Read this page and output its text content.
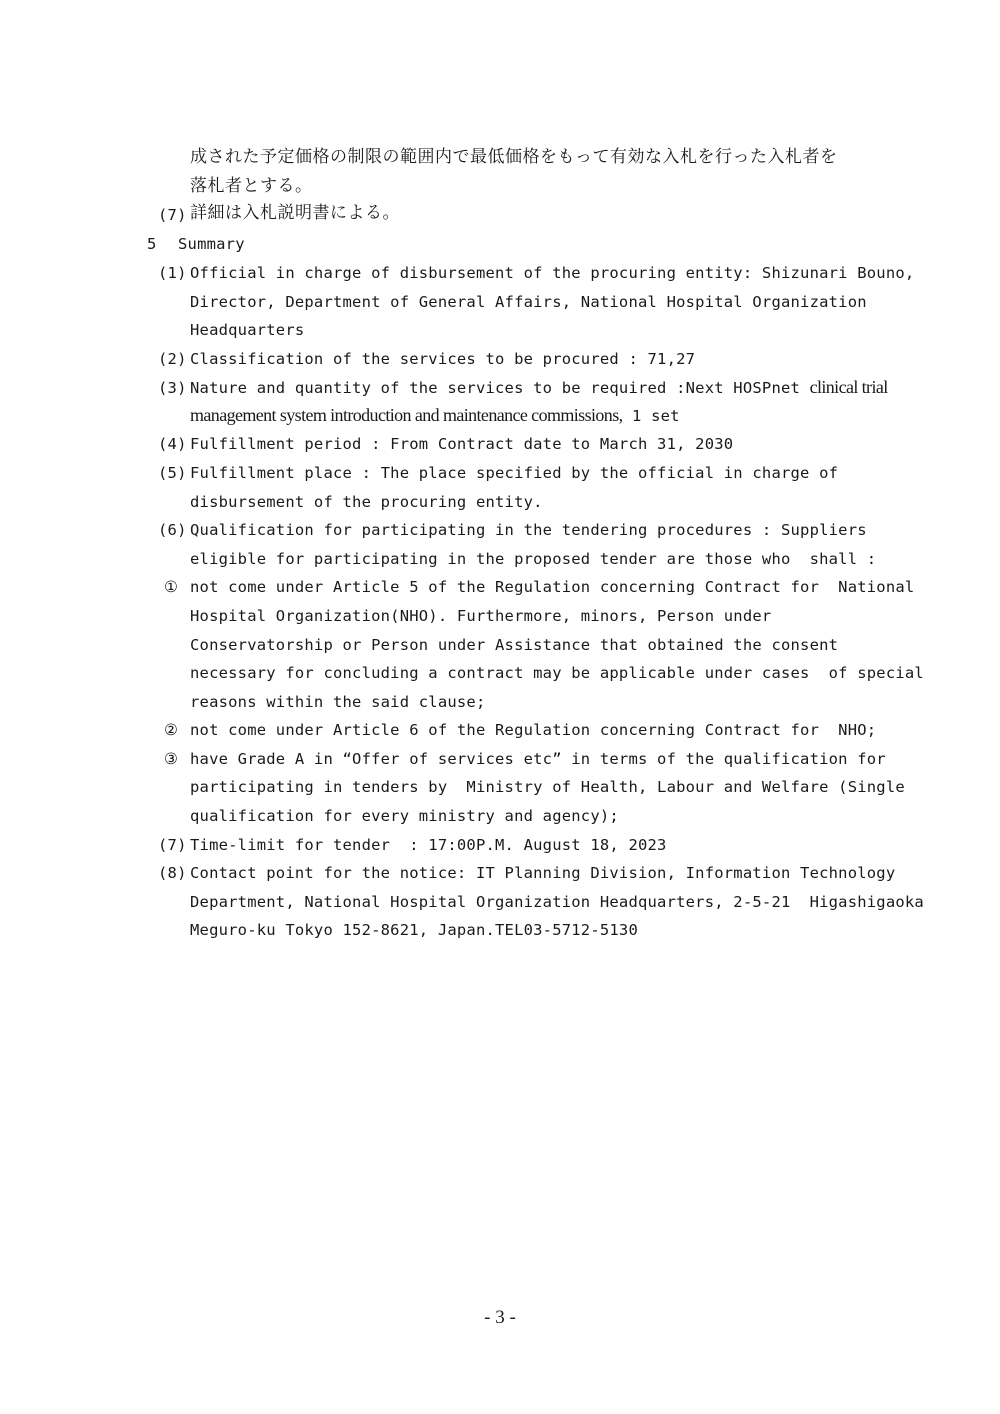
成された予定価格の制限の範囲内で最低価格をもって有効な入札を行った入札者を
落札者とする。
(7) 詳細は入札説明書による。
5 Summary
(1) Official in charge of disbursement of the procuring entity: Shizunari Bouno,
Director, Department of General Affairs, National Hospital Organization
Headquarters
(2) Classification of the services to be procured : 71,27
(3) Nature and quantity of the services to be required :Next HOSPnet clinical trial
management system introduction and maintenance commissions, 1 set
(4) Fulfillment period : From Contract date to March 31, 2030
(5) Fulfillment place : The place specified by the official in charge of
disbursement of the procuring entity.
(6) Qualification for participating in the tendering procedures : Suppliers
eligible for participating in the proposed tender are those who  shall :
① not come under Article 5 of the Regulation concerning Contract for  National
Hospital Organization(NHO). Furthermore, minors, Person under
Conservatorship or Person under Assistance that obtained the consent
necessary for concluding a contract may be applicable under cases  of special
reasons within the said clause;
② not come under Article 6 of the Regulation concerning Contract for  NHO;
③ have Grade A in “Offer of services etc” in terms of the qualification for
participating in tenders by  Ministry of Health, Labour and Welfare (Single
qualification for every ministry and agency);
(7) Time-limit for tender  : 17:00P.M. August 18, 2023
(8) Contact point for the notice: IT Planning Division, Information Technology
Department, National Hospital Organization Headquarters, 2-5-21  Higashigaoka
Meguro-ku Tokyo 152-8621, Japan.TEL03-5712-5130
- 3 -
